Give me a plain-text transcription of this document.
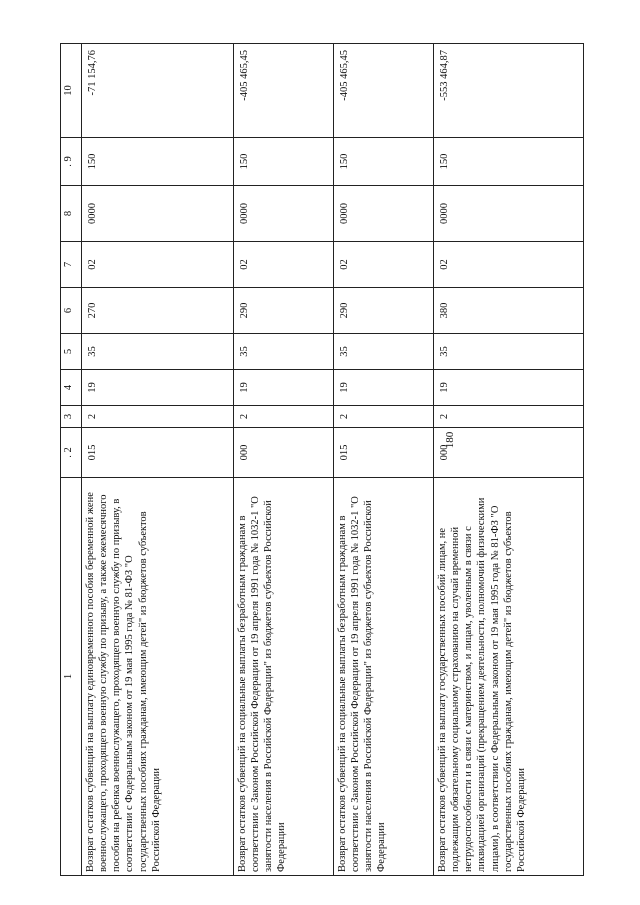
180
1	. 2	3	4	5	6	7	8	. 9	10
Возврат остатков субвенций на выплату единовременного пособия беременной жене военнослужащего, проходящего военную службу по призыву, а также ежемесячного пособия на ребенка военнослужащего, проходящего военную службу по призыву, в соответствии с Федеральным законом от 19 мая 1995 года № 81-ФЗ "О государственных пособиях гражданам, имеющим детей" из бюджетов субъектов Российской Федерации	015	2	19	35	270	02	0000	150	-71 154,76
Возврат остатков субвенций на социальные выплаты безработным гражданам в соответствии с Законом Российской Федерации от 19 апреля 1991 года № 1032-1 "О занятости населения в Российской Федерации" из бюджетов субъектов Российской Федерации	000	2	19	35	290	02	0000	150	-405 465,45
Возврат остатков субвенций на социальные выплаты безработным гражданам в соответствии с Законом Российской Федерации от 19 апреля 1991 года № 1032-1 "О занятости населения в Российской Федерации" из бюджетов субъектов Российской Федерации	015	2	19	35	290	02	0000	150	-405 465,45
Возврат остатков субвенций на выплату государственных пособий лицам, не подлежащим обязательному социальному страхованию на случай временной нетрудоспособности и в связи с материнством, и лицам, уволенным в связи с ликвидацией организаций (прекращением деятельности, полномочий физическими лицами), в соответствии с Федеральным законом от 19 мая 1995 года № 81-ФЗ "О государственных пособиях гражданам, имеющим детей" из бюджетов субъектов Российской Федерации	000	2	19	35	380	02	0000	150	-553 464,87
